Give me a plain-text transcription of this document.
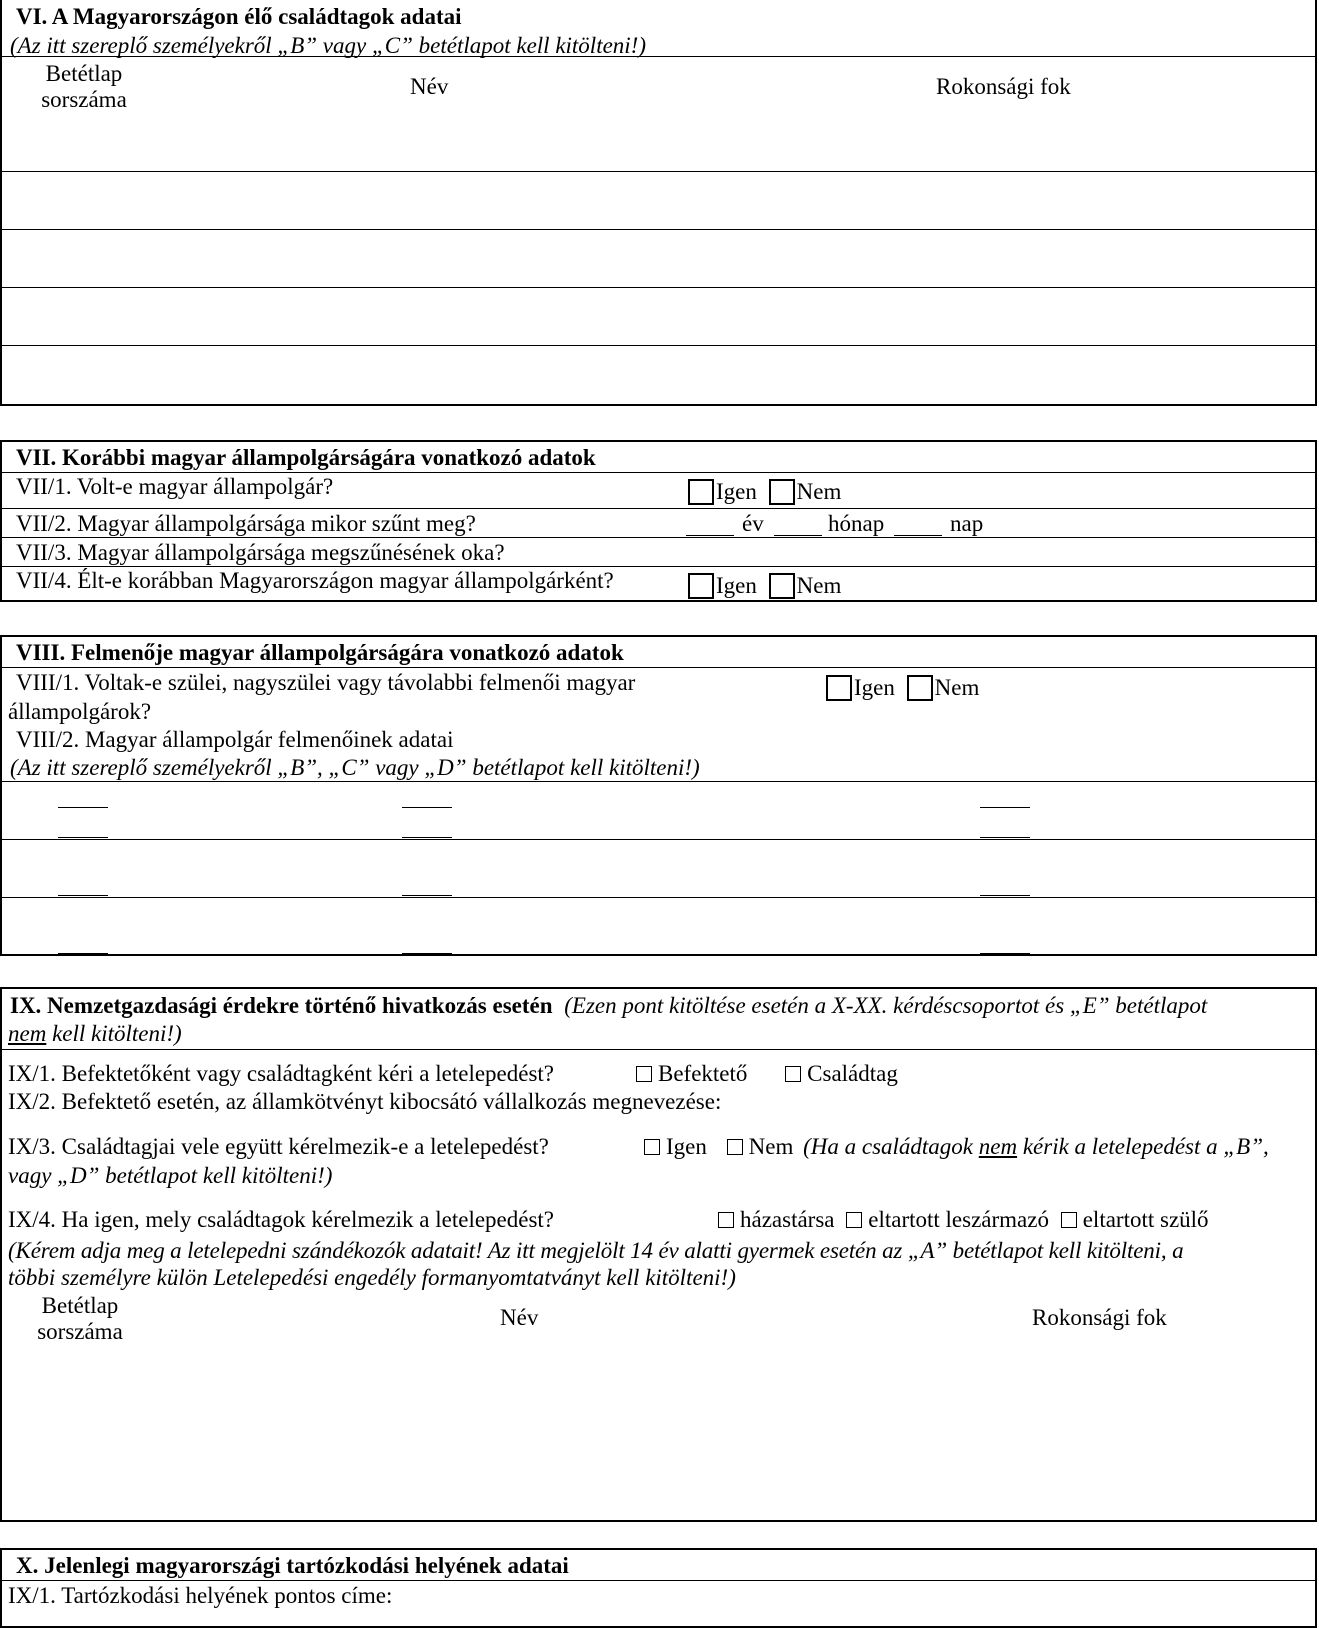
VI. A Magyarországon élő családtagok adatai
(Az itt szereplő személyekről „B” vagy „C” betétlapot kell kitölteni!)
Betétlap
sorszáma
Név	Rokonsági fok
VII. Korábbi magyar állampolgárságára vonatkozó adatok
VII/1. Volt-e magyar állampolgár?	Igen Nem
VII/2. Magyar állampolgársága mikor szűnt meg?	év	hónap	nap
VII/3. Magyar állampolgársága megszűnésének oka?
VII/4. Élt-e korábban Magyarországon magyar állampolgárként?	Igen Nem
VIII. Felmenője magyar állampolgárságára vonatkozó adatok
VIII/1. Voltak-e szülei, nagyszülei vagy távolabbi felmenői magyar
állampolgárok?
Igen Nem
VIII/2. Magyar állampolgár felmenőinek adatai
(Az itt szereplő személyekről „B”, „C” vagy „D” betétlapot kell kitölteni!)
IX. Nemzetgazdasági érdekre történő hivatkozás esetén (Ezen pont kitöltése esetén a X-XX. kérdéscsoportot és „E” betétlapot
nem kell kitölteni!)
IX/1. Befektetőként vagy családtagként kéri a letelepedést?	Befektető	Családtag
IX/2. Befektető esetén, az államkötvényt kibocsátó vállalkozás megnevezése:
IX/3. Családtagjai vele együtt kérelmezik-e a letelepedést?	Igen Nem (Ha a családtagok nem kérik a letelepedést a „B”,
vagy „D” betétlapot kell kitölteni!)
IX/4. Ha igen, mely családtagok kérelmezik a letelepedést?	házastársa eltartott leszármazó eltartott szülő
(Kérem adja meg a letelepedni szándékozók adatait! Az itt megjelölt 14 év alatti gyermek esetén az „A” betétlapot kell kitölteni, a
többi személyre külön Letelepedési engedély formanyomtatványt kell kitölteni!)
Betétlap
sorszáma
Név	Rokonsági fok
X. Jelenlegi magyarországi tartózkodási helyének adatai
IX/1. Tartózkodási helyének pontos címe:
